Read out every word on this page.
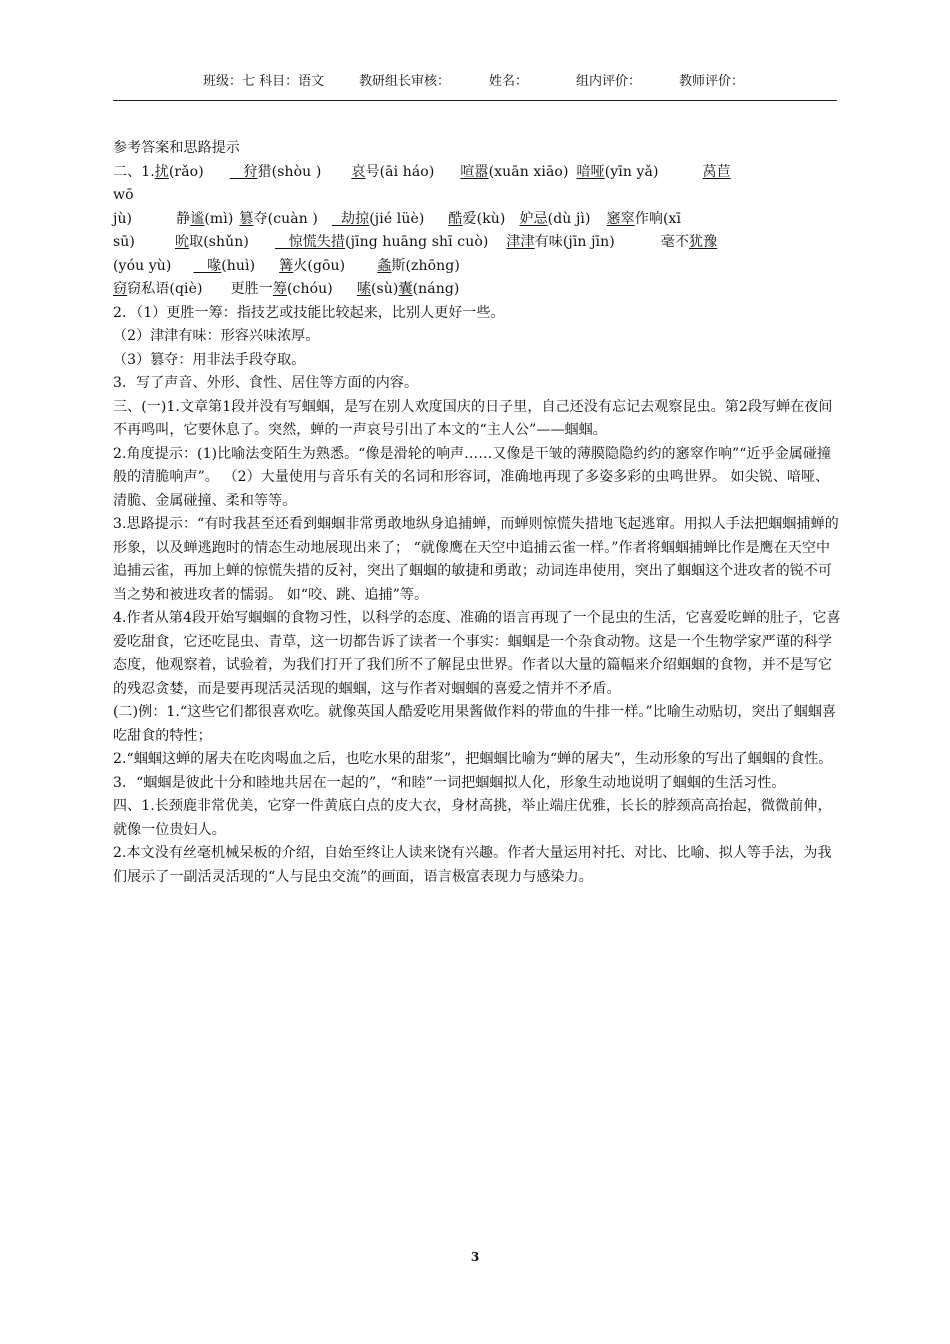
班级：七 科目：语文	教研组长审核：	姓名：	组内评价：	教师评价：

参考答案和思路提示

二、1.扰(rǎo)	狩猎(shòu ) 哀号(āi háo) 喧嚣(xuān xiāo) 喑哑(yīn yǎ)	莴苣

wō

jù)	静谧(mì) 篡夺(cuàn ) 劫掠(jié lüè) 酷爱(kù) 妒忌(dù jì) 窸窣作响(xī

sū)	吮取(shǔn)	惊慌失措(jīng huāng shī cuò) 津津有味(jīn jīn)	毫不犹豫

(yóu yù)	喙(huì) 篝火(gōu) 螽斯(zhōng)

窃窃私语(qiè) 更胜一筹(chóu) 嗉(sù)囊(náng)

2．（1）更胜一筹：指技艺或技能比较起来，比别人更好一些。

（2）津津有味：形容兴味浓厚。

（3）篡夺：用非法手段夺取。

3．写了声音、外形、食性、居住等方面的内容。

三、(一)1.文章第1段并没有写蝈蝈，是写在别人欢度国庆的日子里，自己还没有忘记去观察昆虫。第2段写蝉在夜间不再鸣叫，它要休息了。突然，蝉的一声哀号引出了本文的“主人公”——蝈蝈。

2.角度提示：(1)比喻法变陌生为熟悉。“像是滑轮的响声……又像是干皱的薄膜隐隐约约的窸窣作响”“近乎金属碰撞般的清脆响声”。 （2）大量使用与音乐有关的名词和形容词，准确地再现了多姿多彩的虫鸣世界。 如尖锐、喑哑、清脆、金属碰撞、柔和等等。

3.思路提示：“有时我甚至还看到蝈蝈非常勇敢地纵身追捕蝉，而蝉则惊慌失措地飞起逃窜。用拟人手法把蝈蝈捕蝉的形象，以及蝉逃跑时的情态生动地展现出来了； “就像鹰在天空中追捕云雀一样。”作者将蝈蝈捕蝉比作是鹰在天空中追捕云雀，再加上蝉的惊慌失措的反衬，突出了蝈蝈的敏捷和勇敢；动词连串使用，突出了蝈蝈这个进攻者的锐不可当之势和被进攻者的懦弱。 如“咬、跳、追捕”等。

4.作者从第4段开始写蝈蝈的食物习性，以科学的态度、准确的语言再现了一个昆虫的生活，它喜爱吃蝉的肚子，它喜爱吃甜食，它还吃昆虫、青草，这一切都告诉了读者一个事实：蝈蝈是一个杂食动物。这是一个生物学家严谨的科学态度，他观察着，试验着，为我们打开了我们所不了解昆虫世界。作者以大量的篇幅来介绍蝈蝈的食物，并不是写它的残忍贪婪，而是要再现活灵活现的蝈蝈，这与作者对蝈蝈的喜爱之情并不矛盾。

(二)例：1.“这些它们都很喜欢吃。就像英国人酷爱吃用果酱做作料的带血的牛排一样。”比喻生动贴切，突出了蝈蝈喜吃甜食的特性；

2.“蝈蝈这蝉的屠夫在吃肉喝血之后，也吃水果的甜浆”，把蝈蝈比喻为“蝉的屠夫”，生动形象的写出了蝈蝈的食性。

3．“蝈蝈是彼此十分和睦地共居在一起的”，“和睦”一词把蝈蝈拟人化，形象生动地说明了蝈蝈的生活习性。

四、1.长颈鹿非常优美，它穿一件黄底白点的皮大衣，身材高挑，举止端庄优雅，长长的脖颈高高抬起，微微前伸，就像一位贵妇人。

2.本文没有丝毫机械呆板的介绍，自始至终让人读来饶有兴趣。作者大量运用衬托、对比、比喻、拟人等手法，为我们展示了一副活灵活现的“人与昆虫交流”的画面，语言极富表现力与感染力。

3
